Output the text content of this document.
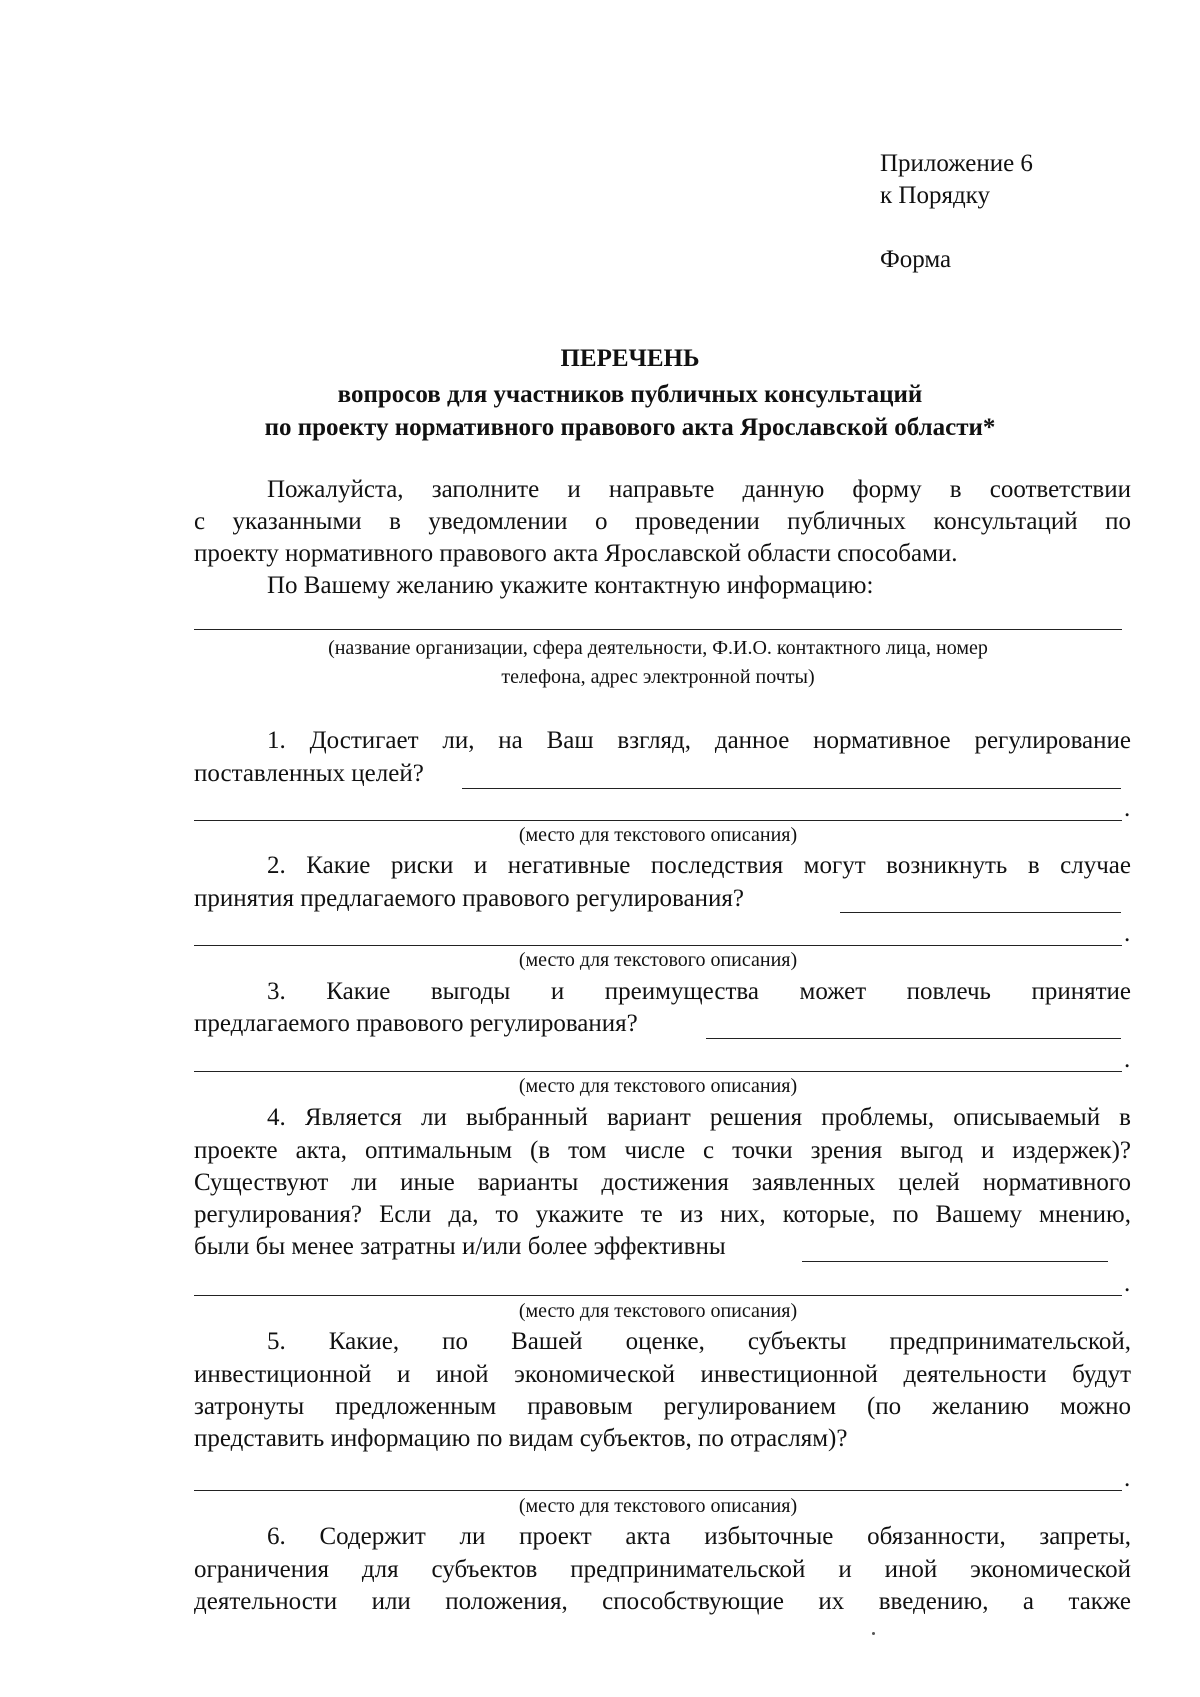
Приложение 6
к Порядку
Форма
ПЕРЕЧЕНЬ
вопросов для участников публичных консультаций
по проекту нормативного правового акта Ярославской области*
Пожалуйста, заполните и направьте данную форму в соответствии
с указанными в уведомлении о проведении публичных консультаций по
проекту нормативного правового акта Ярославской области способами.
По Вашему желанию укажите контактную информацию:
(название организации, сфера деятельности, Ф.И.О. контактного лица, номер
телефона, адрес электронной почты)
1. Достигает ли, на Ваш взгляд, данное нормативное регулирование
поставленных целей?
.
(место для текстового описания)
2. Какие риски и негативные последствия могут возникнуть в случае
принятия предлагаемого правового регулирования?
.
(место для текстового описания)
3. Какие выгоды и преимущества может повлечь принятие
предлагаемого правового регулирования?
.
(место для текстового описания)
4. Является ли выбранный вариант решения проблемы, описываемый в
проекте акта, оптимальным (в том числе с точки зрения выгод и издержек)?
Существуют ли иные варианты достижения заявленных целей нормативного
регулирования? Если да, то укажите те из них, которые, по Вашему мнению,
были бы менее затратны и/или более эффективны
.
(место для текстового описания)
5. Какие, по Вашей оценке, субъекты предпринимательской,
инвестиционной и иной экономической инвестиционной деятельности будут
затронуты предложенным правовым регулированием (по желанию можно
представить информацию по видам субъектов, по отраслям)?
.
(место для текстового описания)
6. Содержит ли проект акта избыточные обязанности, запреты,
ограничения для субъектов предпринимательской и иной экономической
деятельности или положения, способствующие их введению, а также
